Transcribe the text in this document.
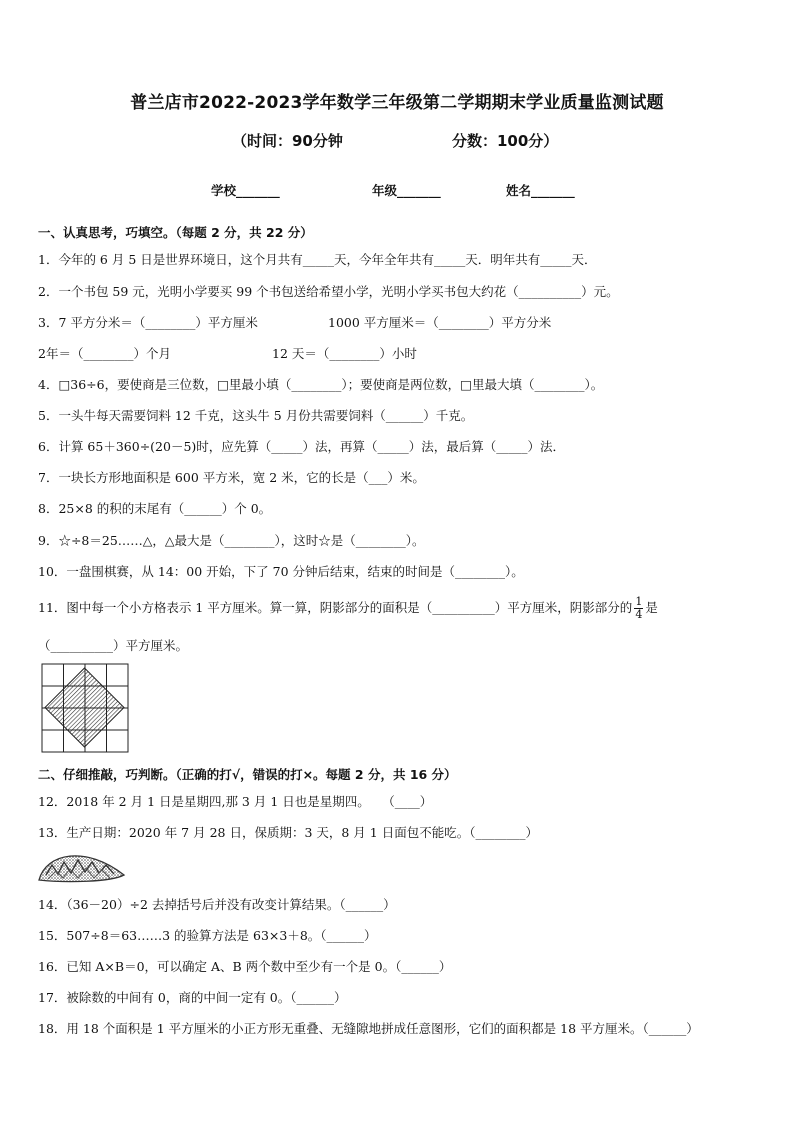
普兰店市2022-2023学年数学三年级第二学期期末学业质量监测试题
（时间：90分钟	分数：100分）
学校_______	年级_______	姓名_______
一、认真思考，巧填空。（每题 2 分，共 22 分）
1．今年的 6 月 5 日是世界环境日，这个月共有_____天，今年全年共有_____天．明年共有_____天．
2．一个书包 59 元，光明小学要买 99 个书包送给希望小学，光明小学买书包大约花（__________）元。
3．7 平方分米＝（________）平方厘米	1000 平方厘米＝（________）平方分米
2年＝（________）个月	12 天＝（________）小时
4．□36÷6，要使商是三位数，□里最小填（________）；要使商是两位数，□里最大填（________）。
5．一头牛每天需要饲料 12 千克，这头牛 5 月份共需要饲料（______）千克。
6．计算 65＋360÷(20－5)时，应先算（_____）法，再算（_____）法，最后算（_____）法．
7．一块长方形地面积是 600 平方米，宽 2 米，它的长是（___）米。
8．25×8 的积的末尾有（______）个 0。
9．☆÷8＝25……△，△最大是（________），这时☆是（________）。
10．一盘围棋赛，从 14：00 开始，下了 70 分钟后结束，结束的时间是（________）。
11．图中每一个小方格表示 1 平方厘米。算一算，阴影部分的面积是（__________）平方厘米，阴影部分的 $\frac{1}{4}$ 是
（__________）平方厘米。
二、仔细推敲，巧判断。（正确的打√，错误的打×。每题 2 分，共 16 分）
12．2018 年 2 月 1 日是星期四,那 3 月 1 日也是星期四。　　（____）
13．生产日期：2020 年 7 月 28 日，保质期：3 天，8 月 1 日面包不能吃。（________）
14．（36－20）÷2 去掉括号后并没有改变计算结果。（______）
15．507÷8＝63……3 的验算方法是 63×3＋8。（______）
16．已知 A×B＝0，可以确定 A、B 两个数中至少有一个是 0。（______）
17．被除数的中间有 0，商的中间一定有 0。（______）
18．用 18 个面积是 1 平方厘米的小正方形无重叠、无缝隙地拼成任意图形，它们的面积都是 18 平方厘米。（______）
